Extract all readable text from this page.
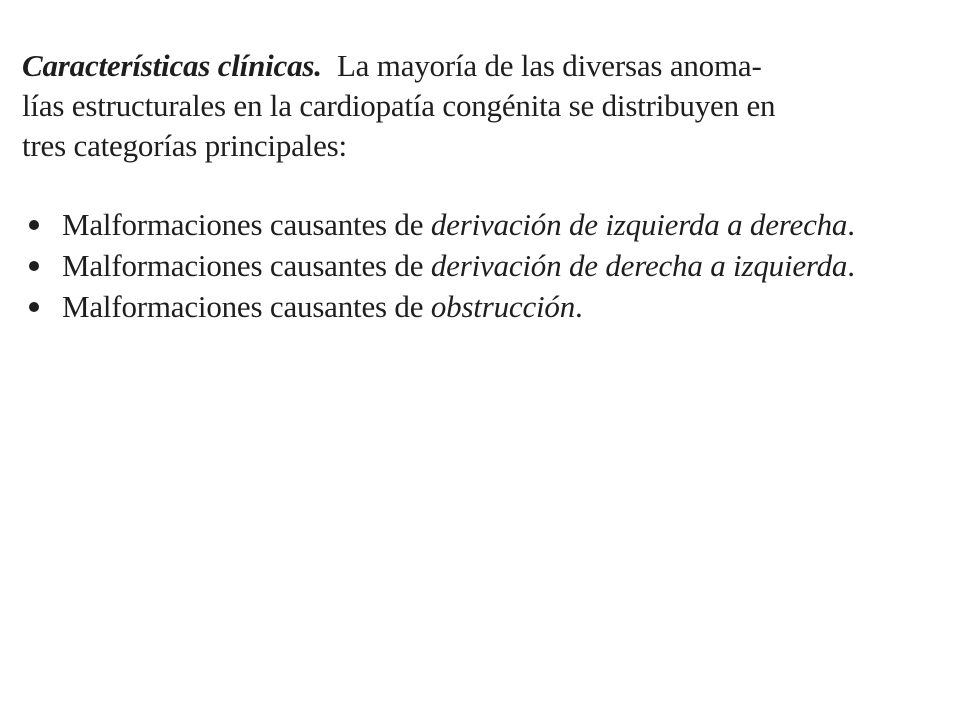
Características clínicas. La mayoría de las diversas anoma-
lías estructurales en la cardiopatía congénita se distribuyen en
tres categorías principales:

Malformaciones causantes de derivación de izquierda a derecha.
Malformaciones causantes de derivación de derecha a izquierda.
Malformaciones causantes de obstrucción.
